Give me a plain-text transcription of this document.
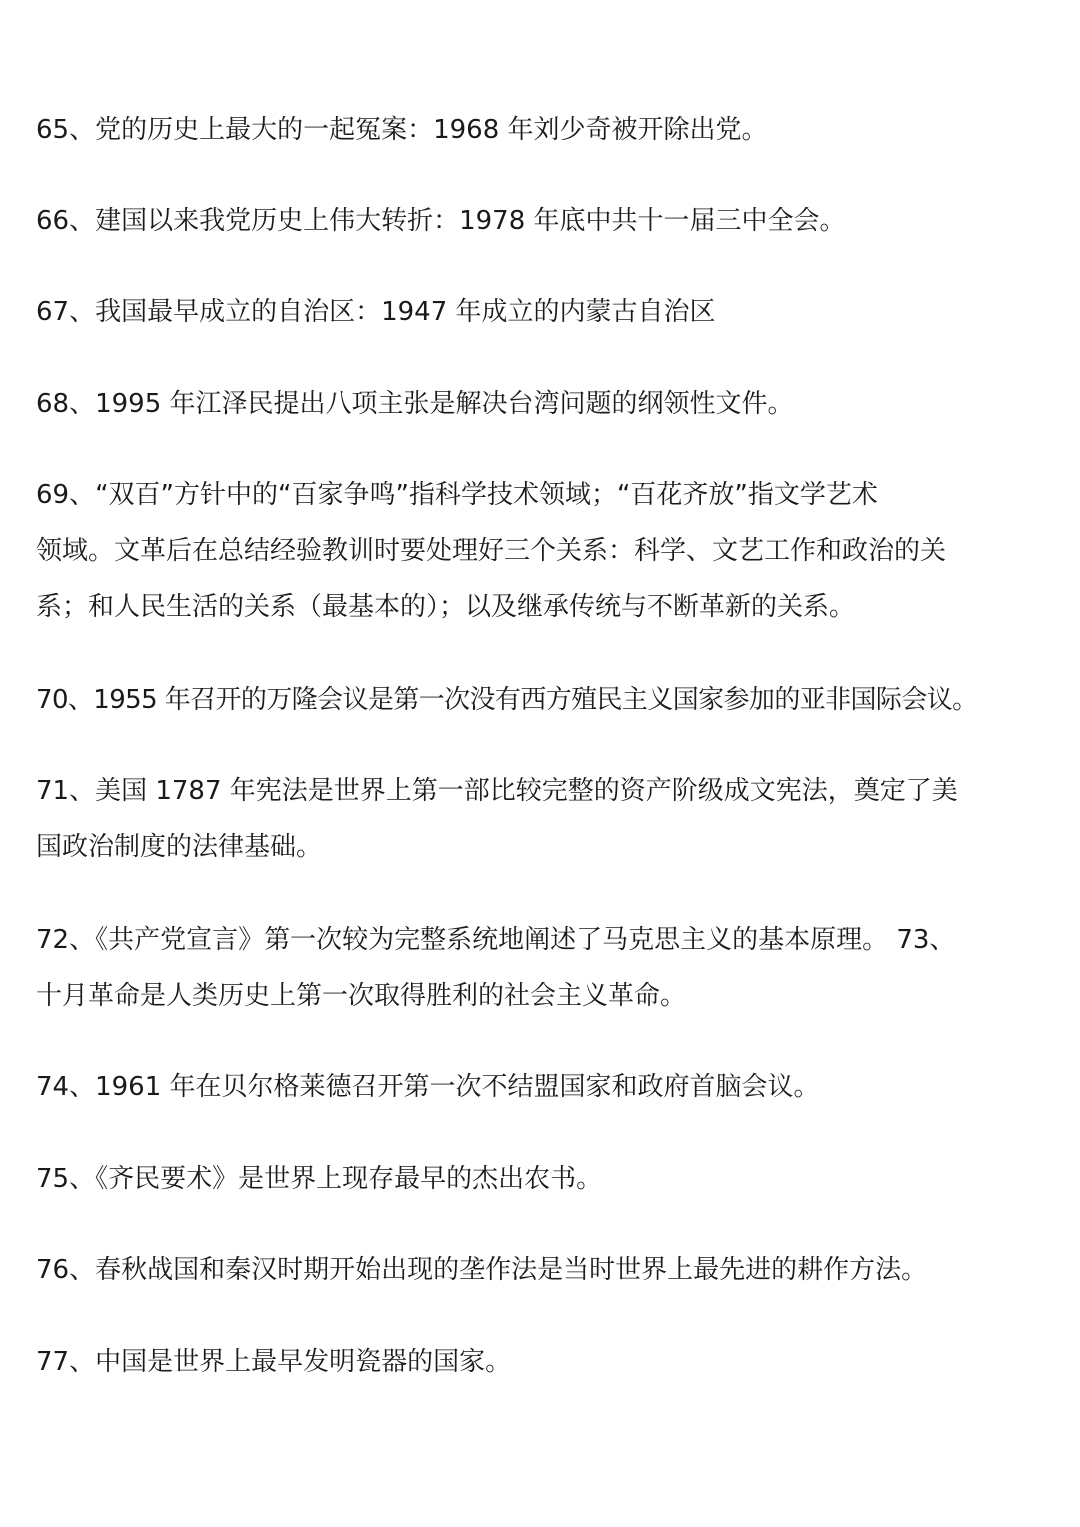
65、党的历史上最大的一起冤案：1968 年刘少奇被开除出党。
66、建国以来我党历史上伟大转折：1978 年底中共十一届三中全会。
67、我国最早成立的自治区：1947 年成立的内蒙古自治区
68、1995 年江泽民提出八项主张是解决台湾问题的纲领性文件。
69、“双百”方针中的“百家争鸣”指科学技术领域；“百花齐放”指文学艺术
领域。文革后在总结经验教训时要处理好三个关系：科学、文艺工作和政治的关
系；和人民生活的关系（最基本的）；以及继承传统与不断革新的关系。
70、1955 年召开的万隆会议是第一次没有西方殖民主义国家参加的亚非国际会议。
71、美国 1787 年宪法是世界上第一部比较完整的资产阶级成文宪法，奠定了美
国政治制度的法律基础。
72、《共产党宣言》第一次较为完整系统地阐述了马克思主义的基本原理。 73、
十月革命是人类历史上第一次取得胜利的社会主义革命。
74、1961 年在贝尔格莱德召开第一次不结盟国家和政府首脑会议。
75、《齐民要术》是世界上现存最早的杰出农书。
76、春秋战国和秦汉时期开始出现的垄作法是当时世界上最先进的耕作方法。
77、中国是世界上最早发明瓷器的国家。
